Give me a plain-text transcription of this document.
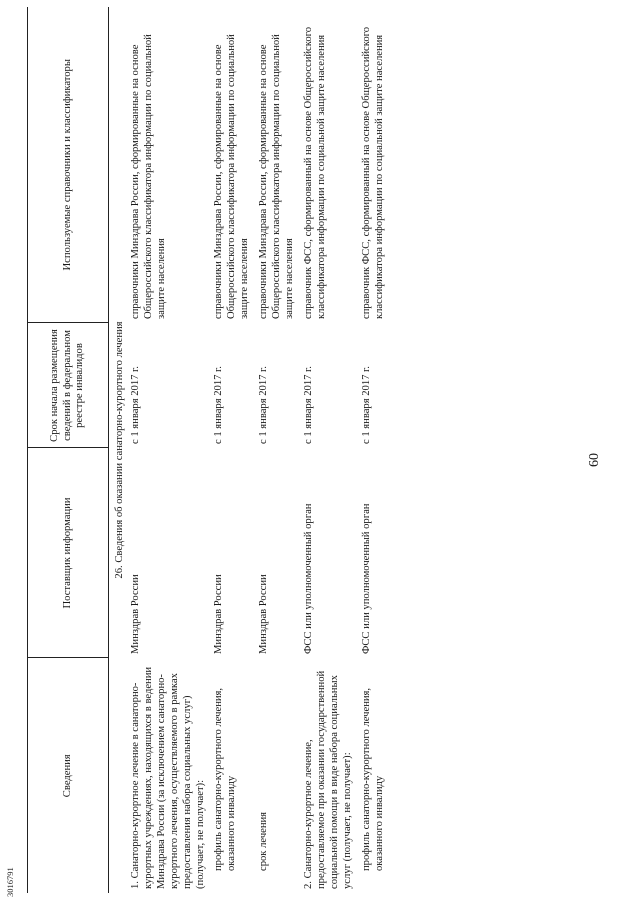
3016791
60
Сведения	Поставщик информации	Срок начала размещения сведений в федеральном реестре инвалидов	Используемые справочники и классификаторы
26. Сведения об оказании санаторно-курортного лечения			
1. Санаторно-курортное лечение в санаторно-курортных учреждениях, находящихся в ведении Минздрава России (за исключением санаторно-курортного лечения, осуществляемого в рамках предоставления набора социальных услуг) (получает, не получает):	Минздрав России	с 1 января 2017 г.	справочники Минздрава России, сформированные на основе Общероссийского классификатора информации по социальной защите населения
профиль санаторно-курортного лечения, оказанного инвалиду	Минздрав России	с 1 января 2017 г.	справочники Минздрава России, сформированные на основе Общероссийского классификатора информации по социальной защите населения
срок лечения	Минздрав России	с 1 января 2017 г.	справочники Минздрава России, сформированные на основе Общероссийского классификатора информации по социальной защите населения
2. Санаторно-курортное лечение, предоставляемое при оказании государственной социальной помощи в виде набора социальных услуг (получает, не получает):	ФСС или уполномоченный орган	с 1 января 2017 г.	справочник ФСС, сформированный на основе Общероссийского классификатора информации по социальной защите населения
профиль санаторно-курортного лечения, оказанного инвалиду	ФСС или уполномоченный орган	с 1 января 2017 г.	справочник ФСС, сформированный на основе Общероссийского классификатора информации по социальной защите населения
